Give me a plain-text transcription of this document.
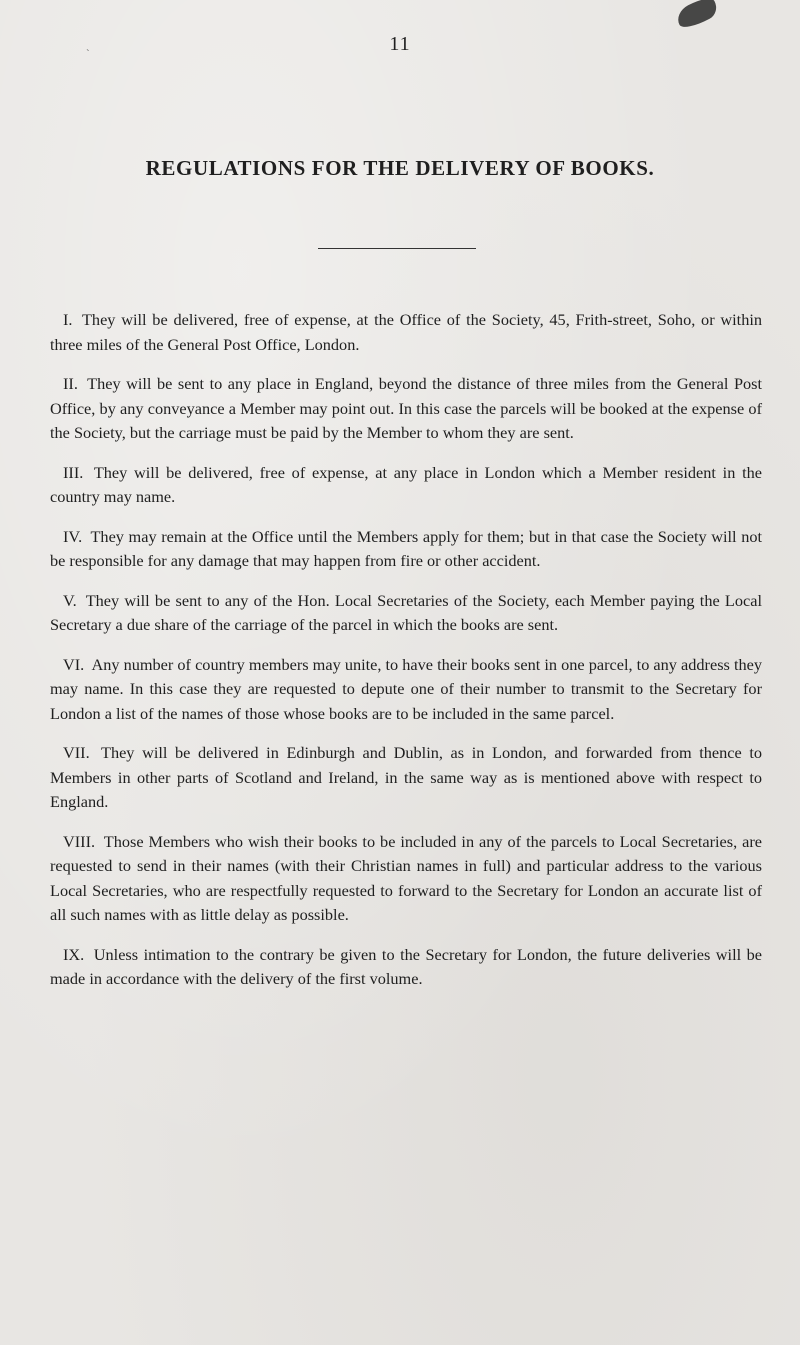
`	11
REGULATIONS FOR THE DELIVERY OF BOOKS.

I. They will be delivered, free of expense, at the Office of the Society, 45, Frith-street, Soho, or within three miles of the General Post Office, London.

II. They will be sent to any place in England, beyond the distance of three miles from the General Post Office, by any conveyance a Member may point out. In this case the parcels will be booked at the expense of the Society, but the carriage must be paid by the Member to whom they are sent.

III. They will be delivered, free of expense, at any place in London which a Member resident in the country may name.

IV. They may remain at the Office until the Members apply for them; but in that case the Society will not be responsible for any damage that may happen from fire or other accident.

V. They will be sent to any of the Hon. Local Secretaries of the Society, each Member paying the Local Secretary a due share of the carriage of the parcel in which the books are sent.

VI. Any number of country members may unite, to have their books sent in one parcel, to any address they may name. In this case they are requested to depute one of their number to transmit to the Secretary for London a list of the names of those whose books are to be included in the same parcel.

VII. They will be delivered in Edinburgh and Dublin, as in London, and forwarded from thence to Members in other parts of Scotland and Ireland, in the same way as is mentioned above with respect to England.

VIII. Those Members who wish their books to be included in any of the parcels to Local Secretaries, are requested to send in their names (with their Christian names in full) and particular address to the various Local Secretaries, who are respectfully requested to forward to the Secretary for London an accurate list of all such names with as little delay as possible.

IX. Unless intimation to the contrary be given to the Secretary for London, the future deliveries will be made in accordance with the delivery of the first volume.
